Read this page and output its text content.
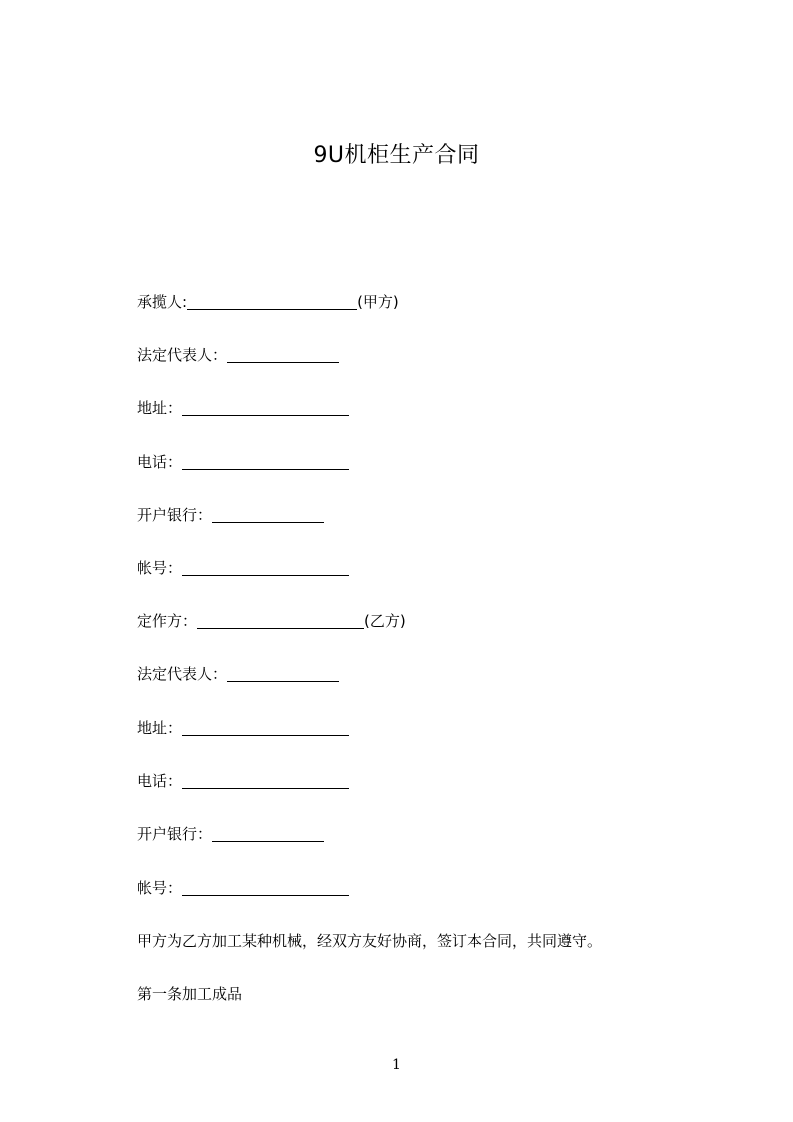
9U机柜生产合同
承揽人:	(甲方)
法定代表人：
地址：
电话：
开户银行：
帐号：
定作方：	(乙方)
法定代表人：
地址：
电话：
开户银行：
帐号：
甲方为乙方加工某种机械，经双方友好协商，签订本合同，共同遵守。
第一条加工成品
1
